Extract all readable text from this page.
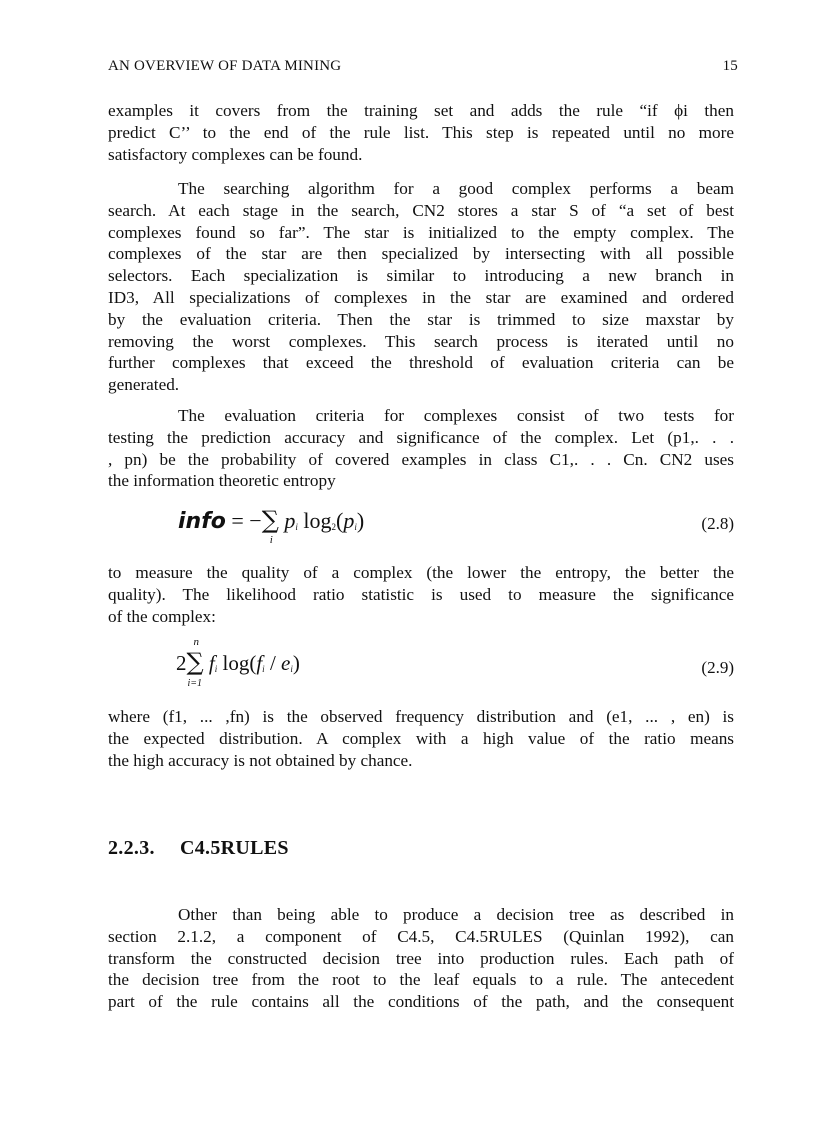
AN OVERVIEW OF DATA MINING	15
examples it covers from the training set and adds the rule “if ϕi then
predict C’’ to the end of the rule list. This step is repeated until no more
satisfactory complexes can be found.
The searching algorithm for a good complex performs a beam
search. At each stage in the search, CN2 stores a star S of “a set of best
complexes found so far”. The star is initialized to the empty complex. The
complexes of the star are then specialized by intersecting with all possible
selectors. Each specialization is similar to introducing a new branch in
ID3, All specializations of complexes in the star are examined and ordered
by the evaluation criteria. Then the star is trimmed to size maxstar by
removing the worst complexes. This search process is iterated until no
further complexes that exceed the threshold of evaluation criteria can be
generated.
The evaluation criteria for complexes consist of two tests for
testing the prediction accuracy and significance of the complex. Let (p1,. . .
, pn) be the probability of covered examples in class C1,. . . Cn. CN2 uses
the information theoretic entropy
info = −∑
i
$p_i$ $\log_2(p_i)$	(2.8)
to measure the quality of a complex (the lower the entropy, the better the
quality). The likelihood ratio statistic is used to measure the significance
of the complex:
2
n
∑
i=1
$f_i$ $\log(f_i / e_i)$	(2.9)
where (f1, ... ,fn) is the observed frequency distribution and (e1, ... , en) is
the expected distribution. A complex with a high value of the ratio means
the high accuracy is not obtained by chance.
2.2.3. C4.5RULES
Other than being able to produce a decision tree as described in
section 2.1.2, a component of C4.5, C4.5RULES (Quinlan 1992), can
transform the constructed decision tree into production rules. Each path of
the decision tree from the root to the leaf equals to a rule. The antecedent
part of the rule contains all the conditions of the path, and the consequent
